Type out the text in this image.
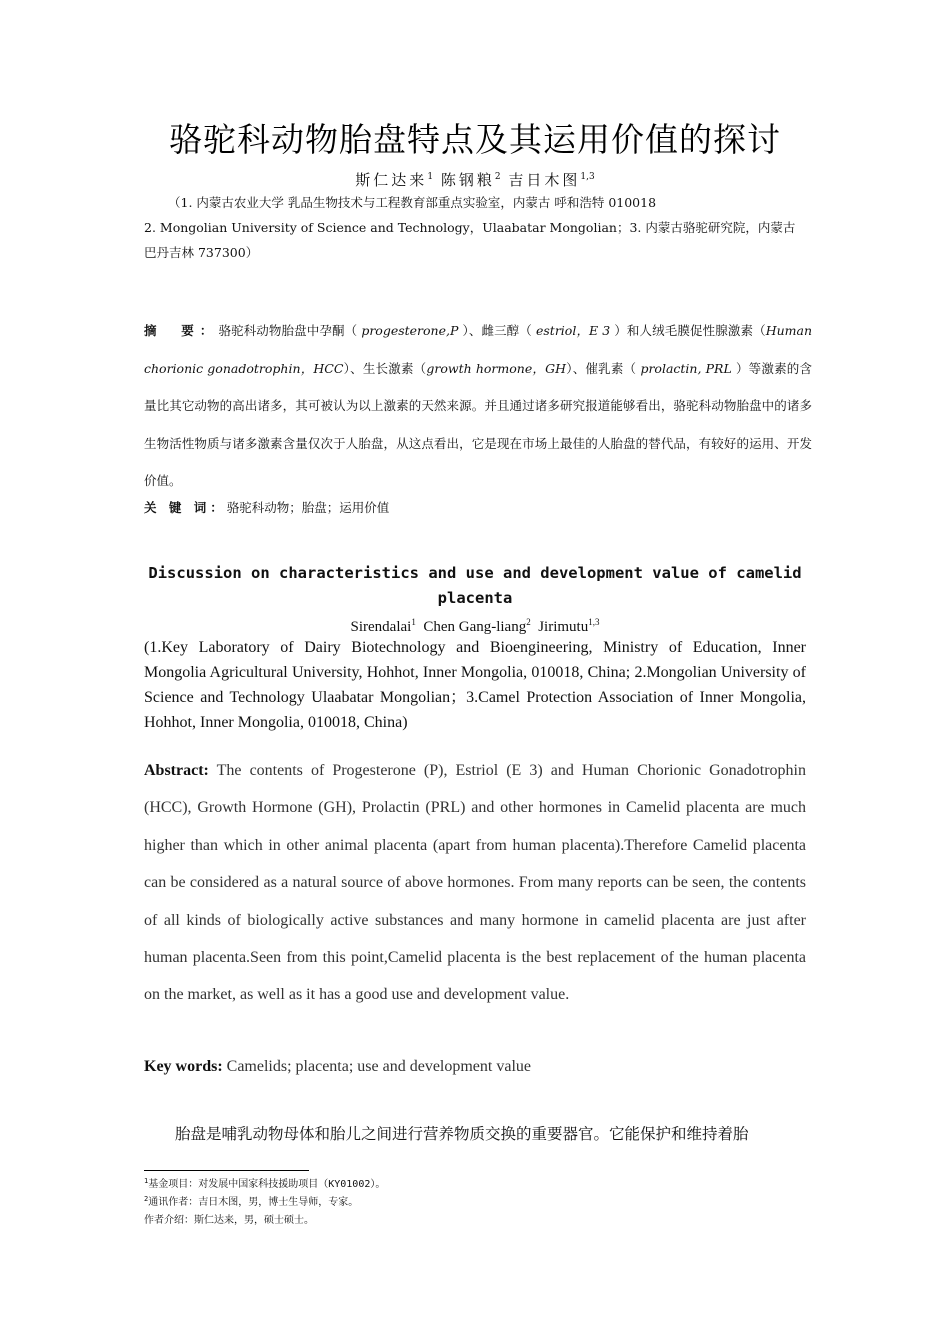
骆驼科动物胎盘特点及其运用价值的探讨
斯仁达来$^1$ 陈钢粮$^2$ 吉日木图$^{1,3}$
（1. 内蒙古农业大学 乳品生物技术与工程教育部重点实验室，内蒙古 呼和浩特 010018
2. Mongolian University of Science and Technology，Ulaabatar Mongolian；3. 内蒙古骆驼研究院，内蒙古 巴丹吉林 737300）
摘　要：骆驼科动物胎盘中孕酮（ progesterone,P ）、雌三醇（ estriol，E 3 ）和人绒毛膜促性腺激素（Human chorionic gonadotrophin，HCC）、生长激素（growth hormone，GH）、催乳素（ prolactin, PRL ）等激素的含量比其它动物的高出诸多，其可被认为以上激素的天然来源。并且通过诸多研究报道能够看出，骆驼科动物胎盘中的诸多生物活性物质与诸多激素含量仅次于人胎盘，从这点看出，它是现在市场上最佳的人胎盘的替代品，有较好的运用、开发价值。
关 键 词：骆驼科动物；胎盘；运用价值
Discussion on characteristics and use and development value of camelid placenta
Sirendalai$^1$ Chen Gang-liang$^2$ Jirimutu$^{1,3}$
(1.Key Laboratory of Dairy Biotechnology and Bioengineering, Ministry of Education, Inner Mongolia Agricultural University, Hohhot, Inner Mongolia, 010018, China; 2.Mongolian University of Science and Technology Ulaabatar Mongolian；3.Camel Protection Association of Inner Mongolia, Hohhot, Inner Mongolia, 010018, China)
Abstract: The contents of Progesterone (P), Estriol (E 3) and Human Chorionic Gonadotrophin (HCC), Growth Hormone (GH), Prolactin (PRL) and other hormones in Camelid placenta are much higher than which in other animal placenta (apart from human placenta).Therefore Camelid placenta can be considered as a natural source of above hormones. From many reports can be seen, the contents of all kinds of biologically active substances and many hormone in camelid placenta are just after human placenta.Seen from this point,Camelid placenta is the best replacement of the human placenta on the market, as well as it has a good use and development value.
Key words: Camelids; placenta; use and development value
胎盘是哺乳动物母体和胎儿之间进行营养物质交换的重要器官。它能保护和维持着胎
$^1$基金项目：对发展中国家科技援助项目（KY01002）。
$^2$通讯作者：吉日木图，男，博士生导师，专家。
作者介绍：斯仁达来，男，硕士硕士。
